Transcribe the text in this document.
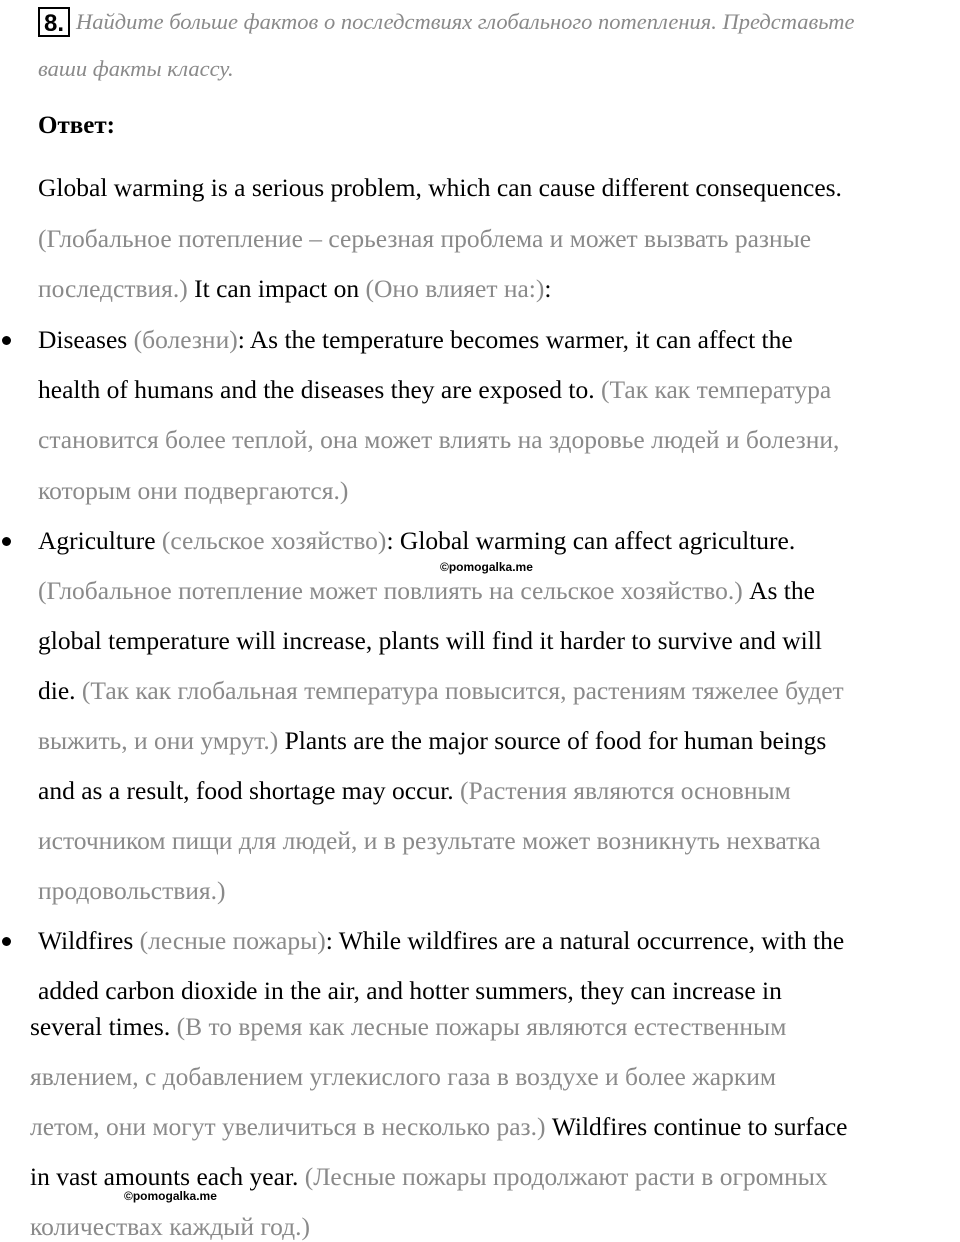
8. Найдите больше фактов о последствиях глобального потепления. Представьте
ваши факты классу.
Ответ:
Global warming is a serious problem, which can cause different consequences.
(Глобальное потепление – серьезная проблема и может вызвать разные
последствия.) It can impact on (Оно влияет на:):
Diseases (болезни): As the temperature becomes warmer, it can affect the
health of humans and the diseases they are exposed to. (Так как температура
становится более теплой, она может влиять на здоровье людей и болезни,
которым они подвергаются.)
Agriculture (сельское хозяйство): Global warming can affect agriculture.
(Глобальное потепление может повлиять на сельское хозяйство.) As the
global temperature will increase, plants will find it harder to survive and will
die. (Так как глобальная температура повысится, растениям тяжелее будет
выжить, и они умрут.) Plants are the major source of food for human beings
and as a result, food shortage may occur. (Растения являются основным
источником пищи для людей, и в результате может возникнуть нехватка
продовольствия.)
Wildfires (лесные пожары): While wildfires are a natural occurrence, with the
added carbon dioxide in the air, and hotter summers, they can increase in
several times. (В то время как лесные пожары являются естественным
явлением, с добавлением углекислого газа в воздухе и более жарким
летом, они могут увеличиться в несколько раз.) Wildfires continue to surface
in vast amounts each year. (Лесные пожары продолжают расти в огромных
количествах каждый год.)
©pomogalka.me
©pomogalka.me
